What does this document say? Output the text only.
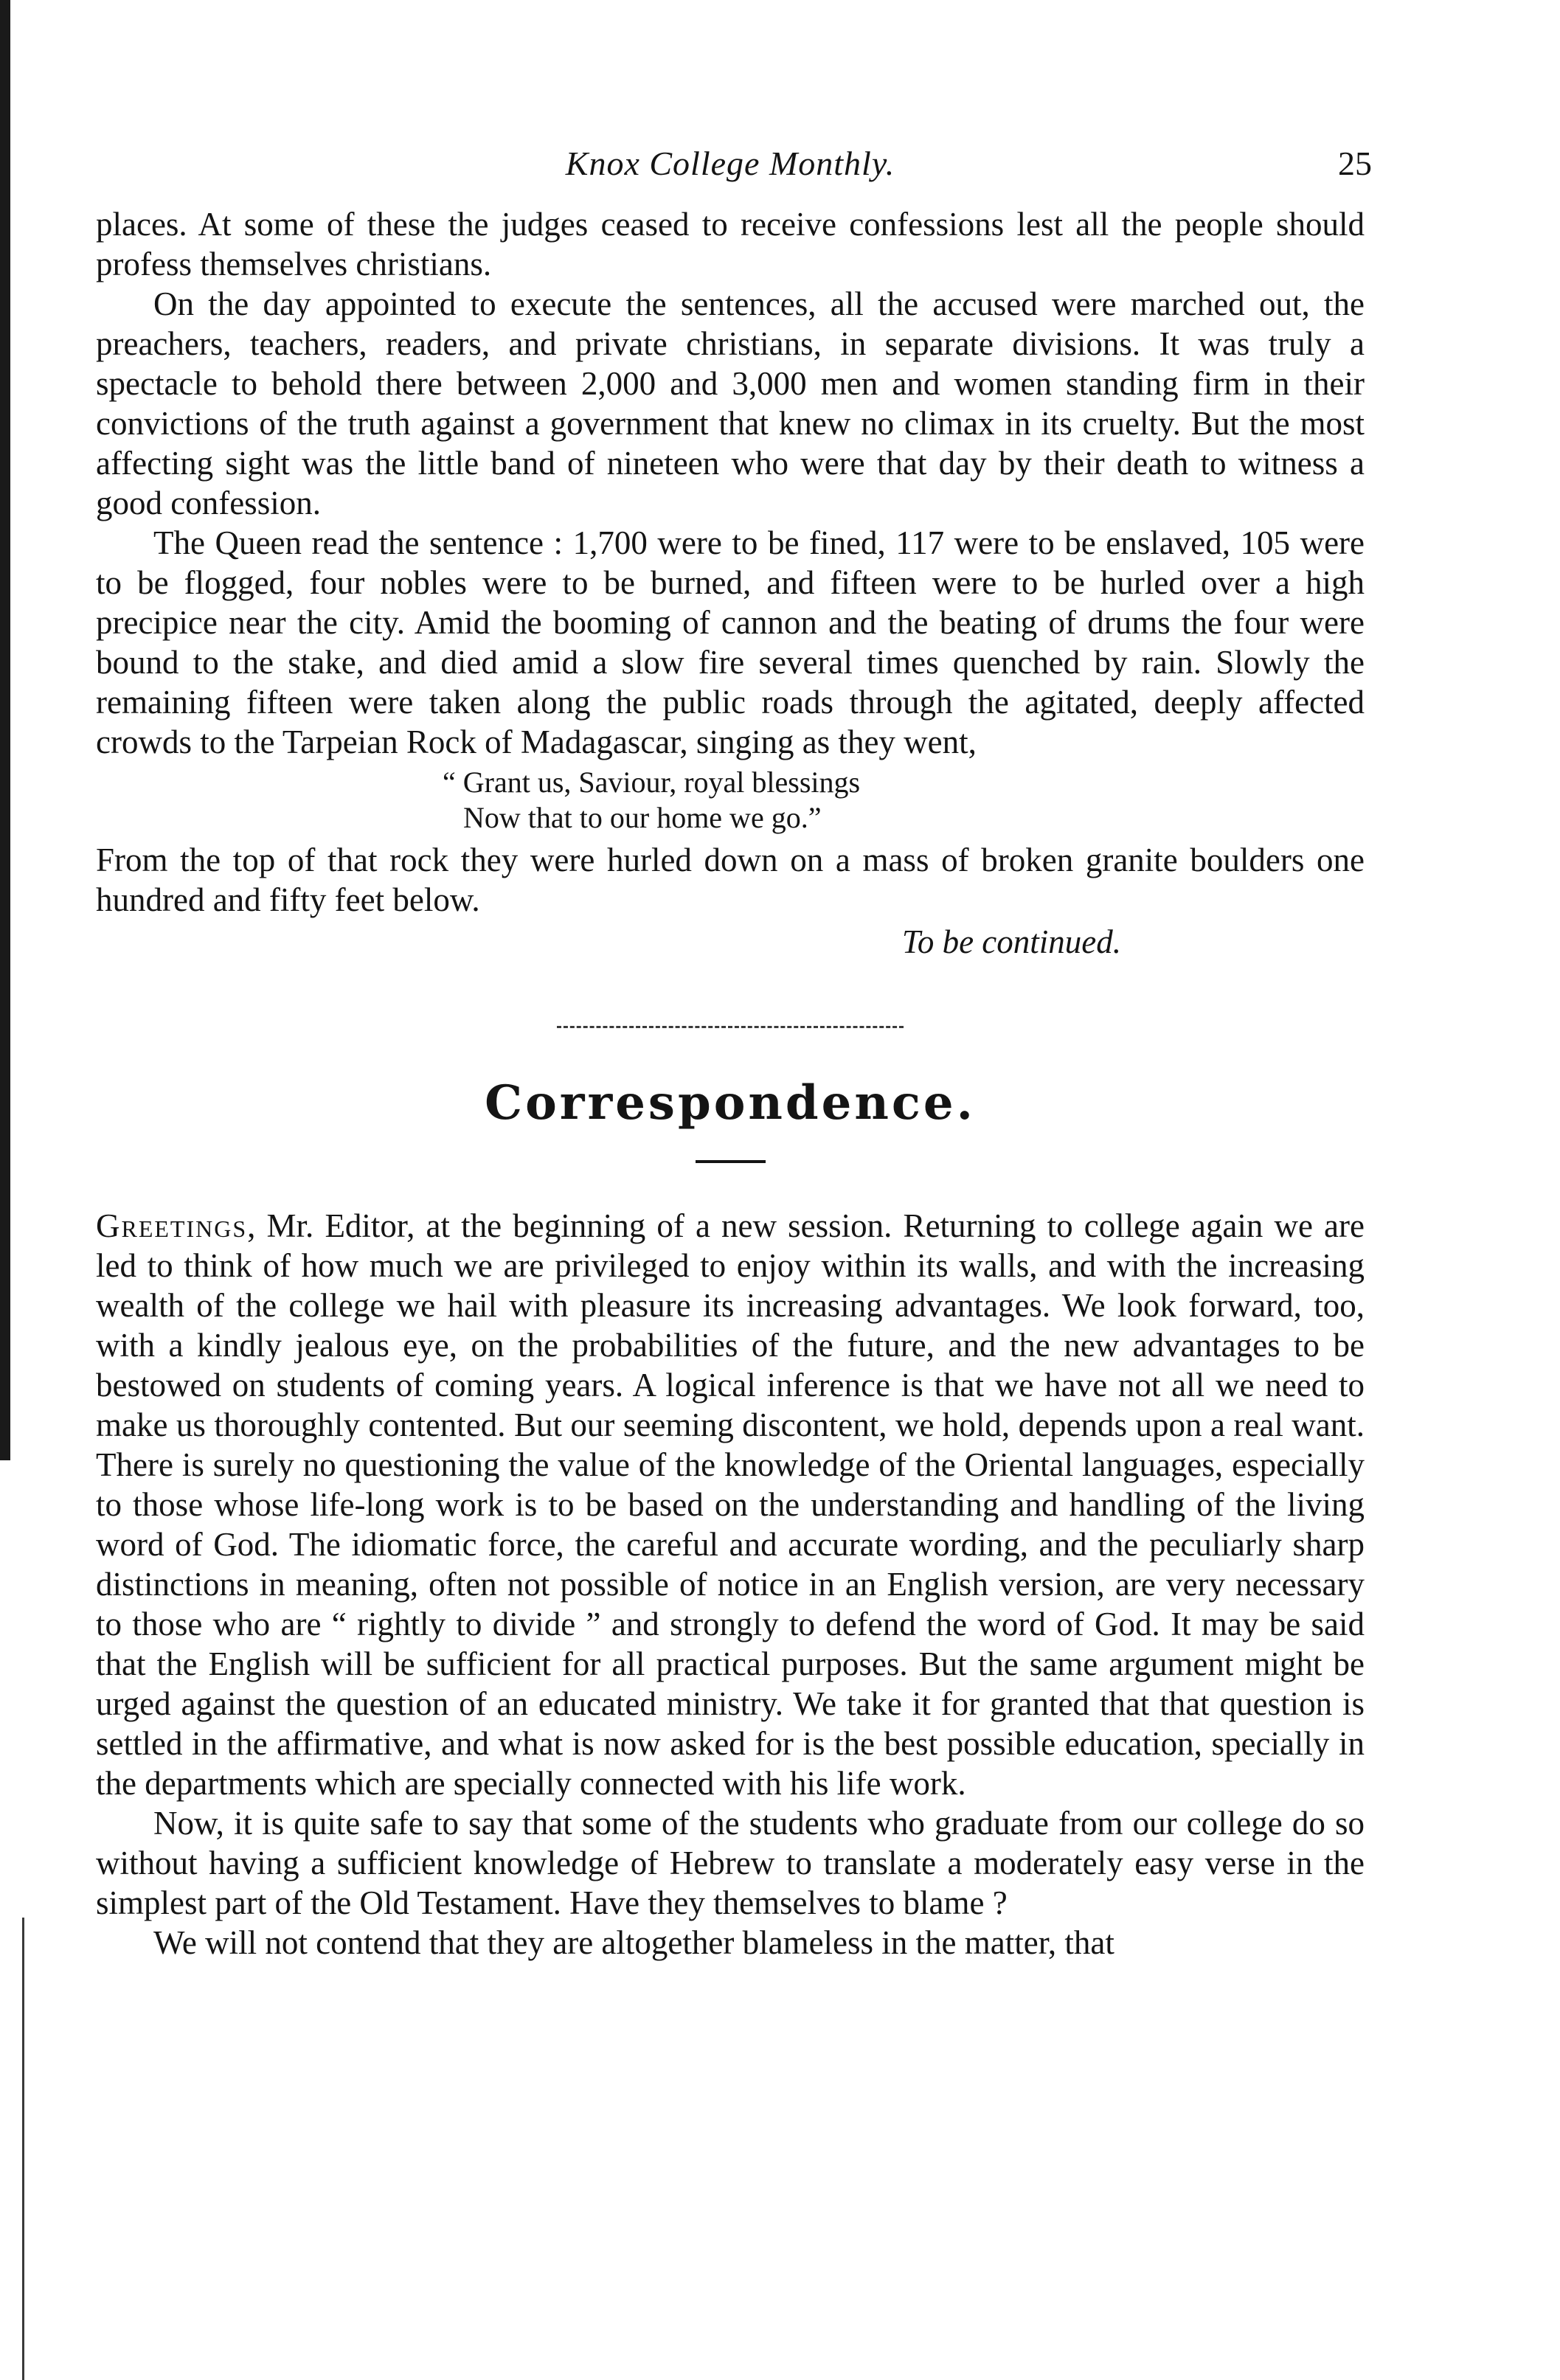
Knox College Monthly.	25

places. At some of these the judges ceased to receive confessions lest all the people should profess themselves christians.

On the day appointed to execute the sentences, all the accused were marched out, the preachers, teachers, readers, and private christians, in separate divisions. It was truly a spectacle to behold there between 2,000 and 3,000 men and women standing firm in their convictions of the truth against a government that knew no climax in its cruelty. But the most affecting sight was the little band of nineteen who were that day by their death to witness a good confession.

The Queen read the sentence : 1,700 were to be fined, 117 were to be enslaved, 105 were to be flogged, four nobles were to be burned, and fifteen were to be hurled over a high precipice near the city. Amid the booming of cannon and the beating of drums the four were bound to the stake, and died amid a slow fire several times quenched by rain. Slowly the remaining fifteen were taken along the public roads through the agitated, deeply affected crowds to the Tarpeian Rock of Madagascar, singing as they went,

“ Grant us, Saviour, royal blessings
Now that to our home we go.”

From the top of that rock they were hurled down on a mass of broken granite boulders one hundred and fifty feet below.

To be continued.
Correspondence.

Greetings, Mr. Editor, at the beginning of a new session. Returning to college again we are led to think of how much we are privileged to enjoy within its walls, and with the increasing wealth of the college we hail with pleasure its increasing advantages. We look forward, too, with a kindly jealous eye, on the probabilities of the future, and the new advantages to be bestowed on students of coming years. A logical inference is that we have not all we need to make us thoroughly contented. But our seeming discontent, we hold, depends upon a real want. There is surely no questioning the value of the knowledge of the Oriental languages, especially to those whose life-long work is to be based on the understanding and handling of the living word of God. The idiomatic force, the careful and accurate wording, and the peculiarly sharp distinctions in meaning, often not possible of notice in an English version, are very necessary to those who are “ rightly to divide ” and strongly to defend the word of God. It may be said that the English will be sufficient for all practical purposes. But the same argument might be urged against the question of an educated ministry. We take it for granted that that question is settled in the affirmative, and what is now asked for is the best possible education, specially in the departments which are specially connected with his life work.

Now, it is quite safe to say that some of the students who graduate from our college do so without having a sufficient knowledge of Hebrew to translate a moderately easy verse in the simplest part of the Old Testament. Have they themselves to blame ?

We will not contend that they are altogether blameless in the matter, that
